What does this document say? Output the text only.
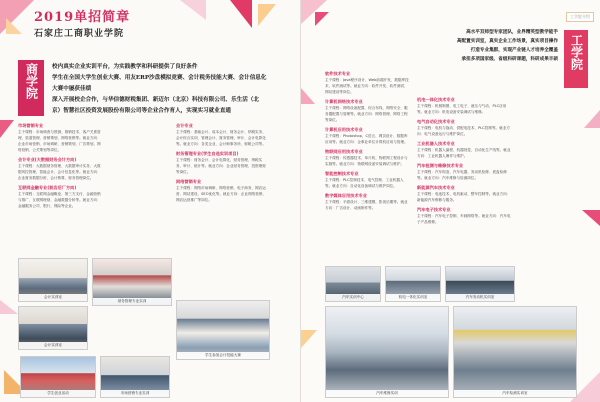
2019单招简章
石家庄工商职业学院
商学院 校内真实企业实训平台，为实践教学和科研提供了良好条件

学生在全国大学生创业大赛、用友ERP沙盘模拟竞赛、会计税务技能大赛、会计信息化

大赛中屡获佳绩

深入开展校企合作，与华信德财税集团、新迈尔（北京）科技有限公司、乐生活（北

京）智慧社区投资发展股份有限公司等企业合作育人，实现实习就业直通

市场营销专业

主干课程：市场调查与预测、推销技术、客户关系管理、渠道管理、营销策划、网络营销等。就业方向：企业市场营销、市场调研、营销策划、广告策划、网络营销、公关策划等岗位。

会计专业(大数据财务会计方向)

主干课程：大数据财务管理、大数据审计实务、大数据风控管理、智能会计、会计信息化等。就业方向：企业财务数据分析、会计核算、财务管理岗位。

互联网金融专业(前店后厂方向)

主干课程：互联网金融概论、第三方支付、金融营销与推广、互联网理财、金融数据分析等。就业方向：金融服务公司、银行、保险等企业。

会计专业

主干课程：基础会计、成本会计、财务会计、纳税实务、会计综合实训、管理会计、财务管理、审计、会计电算化等。就业方向：各类企业、会计师事务所、财税公司等。

财务管理专业(学生自选实训项目)

主干课程：财务会计、会计电算化、财务管理、纳税实务、审计、统计等。就业方向：企业财务管理、投资理财等岗位。

网络营销专业

主干课程：网络市场调研、网络营销、电子商务、网店运营、网站建设、SEO优化等。就业方向：企业网络营销、网店运营推广等岗位。

会计实训室
会计实训室
财务管理专业实训
学生参加会计技能大赛
学生创业活动	市场营销专业实训
工学院介绍
高水平双师型专家团队，业界精英型教学能手
高配置实训室，真实企业工作场景，真实项目操作
打造专业集群，实现产业链人才培养全覆盖
承担多项国家级、省级科研课题，科研成果丰硕 工学院
软件技术专业

主干课程：Java程序设计、Web前端开发、数据库技术、软件测试等。就业方向：软件开发、软件测试、网站建设等岗位。

计算机网络技术专业

主干课程：网络设备配置、综合布线、网络安全、服务器配置与管理等。就业方向：网络管理、网络工程等岗位。

计算机应用技术专业

主干课程：Photoshop、C语言、网页设计、数据库应用等。就业方向：企事业单位计算机应用与管理。

物联网应用技术专业

主干课程：传感器技术、单片机、物联网工程设计与实施等。就业方向：物联网设备安装调试与维护。

智能控制技术专业

主干课程：PLC控制技术、电气控制、工业机器人等。就业方向：自动化设备调试与维护岗位。

数字媒体应用技术专业

主干课程：平面设计、三维建模、影视后期等。就业方向：广告设计、动画制作等。

机电一体化技术专业

主干课程：机械制图、电工电子、液压与气动、PLC应用等。就业方向：机电设备安装调试与维修。

电气自动化技术专业

主干课程：电机与拖动、供配电技术、PLC控制等。就业方向：电气设备运行与维护岗位。

工业机器人技术专业

主干课程：机器人编程、机器视觉、自动化生产线等。就业方向：工业机器人操作与维护。

汽车检测与维修技术专业

主干课程：汽车构造、汽车电器、发动机检修、底盘检修等。就业方向：汽车维修与检测岗位。

新能源汽车技术专业

主干课程：电池技术、电机驱动、整车控制等。就业方向：新能源汽车维修与服务。

汽车电子技术专业

主干课程：汽车电子控制、车载网络等。就业方向：汽车电子产品维修。

汽车实训中心	机电一体化实训室	汽车发动机实训室
汽车维修实训	汽车检测实训室
